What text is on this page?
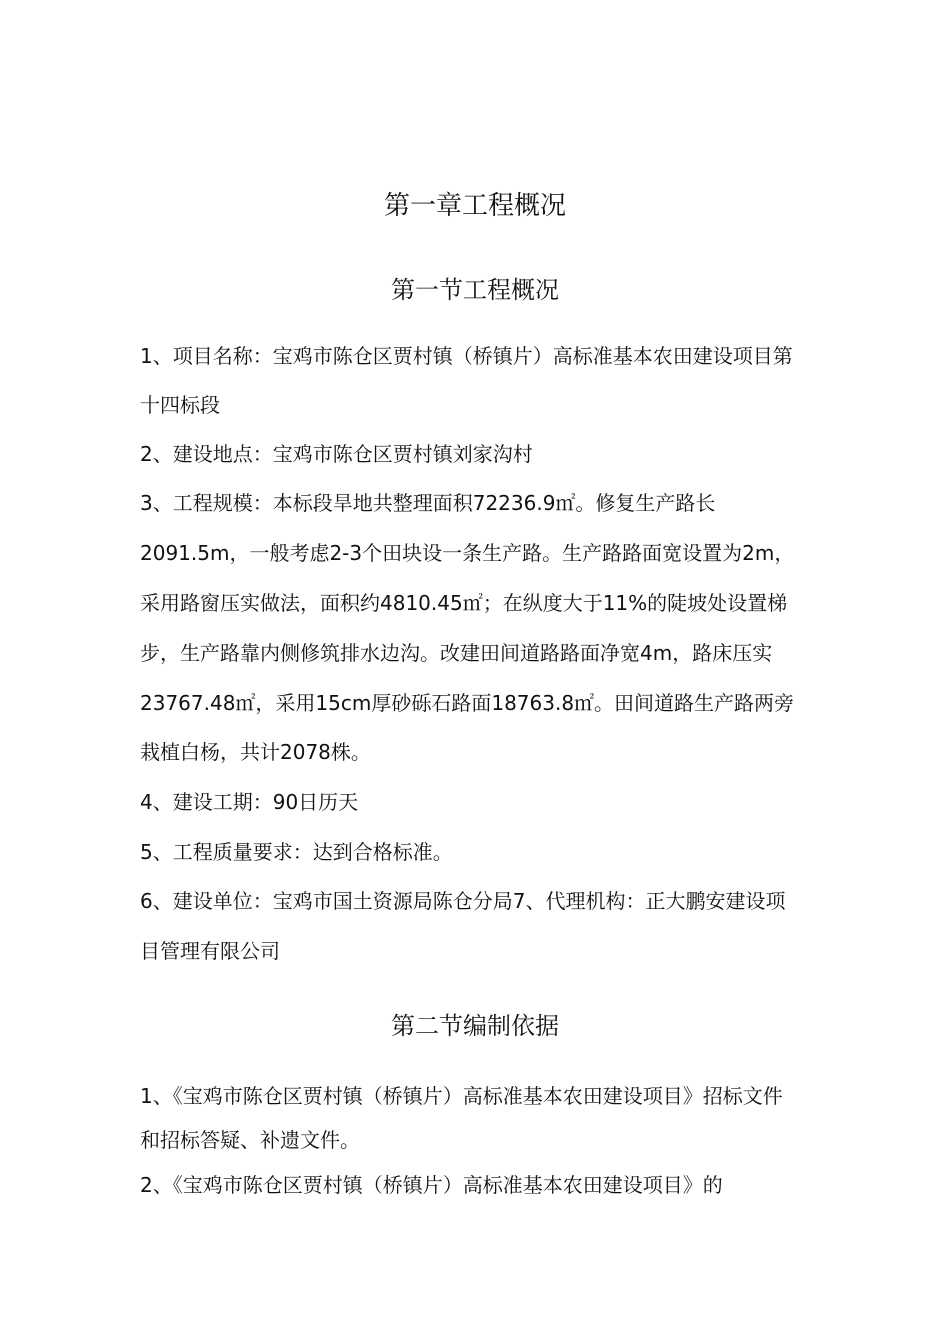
第一章工程概况
第一节工程概况
1、项目名称：宝鸡市陈仓区贾村镇（桥镇片）高标准基本农田建设项目第
十四标段
2、建设地点：宝鸡市陈仓区贾村镇刘家沟村
3、工程规模：本标段旱地共整理面积72236.9㎡。修复生产路长
2091.5m，一般考虑2-3个田块设一条生产路。生产路路面宽设置为2m，
采用路窗压实做法，面积约4810.45㎡；在纵度大于11%的陡坡处设置梯
步，生产路靠内侧修筑排水边沟。改建田间道路路面净宽4m，路床压实
23767.48㎡，采用15cm厚砂砾石路面18763.8㎡。田间道路生产路两旁
栽植白杨，共计2078株。
4、建设工期：90日历天
5、工程质量要求：达到合格标准。
6、建设单位：宝鸡市国土资源局陈仓分局7、代理机构：正大鹏安建设项
目管理有限公司
第二节编制依据
1、《宝鸡市陈仓区贾村镇（桥镇片）高标准基本农田建设项目》招标文件
和招标答疑、补遗文件。
2、《宝鸡市陈仓区贾村镇（桥镇片）高标准基本农田建设项目》的
